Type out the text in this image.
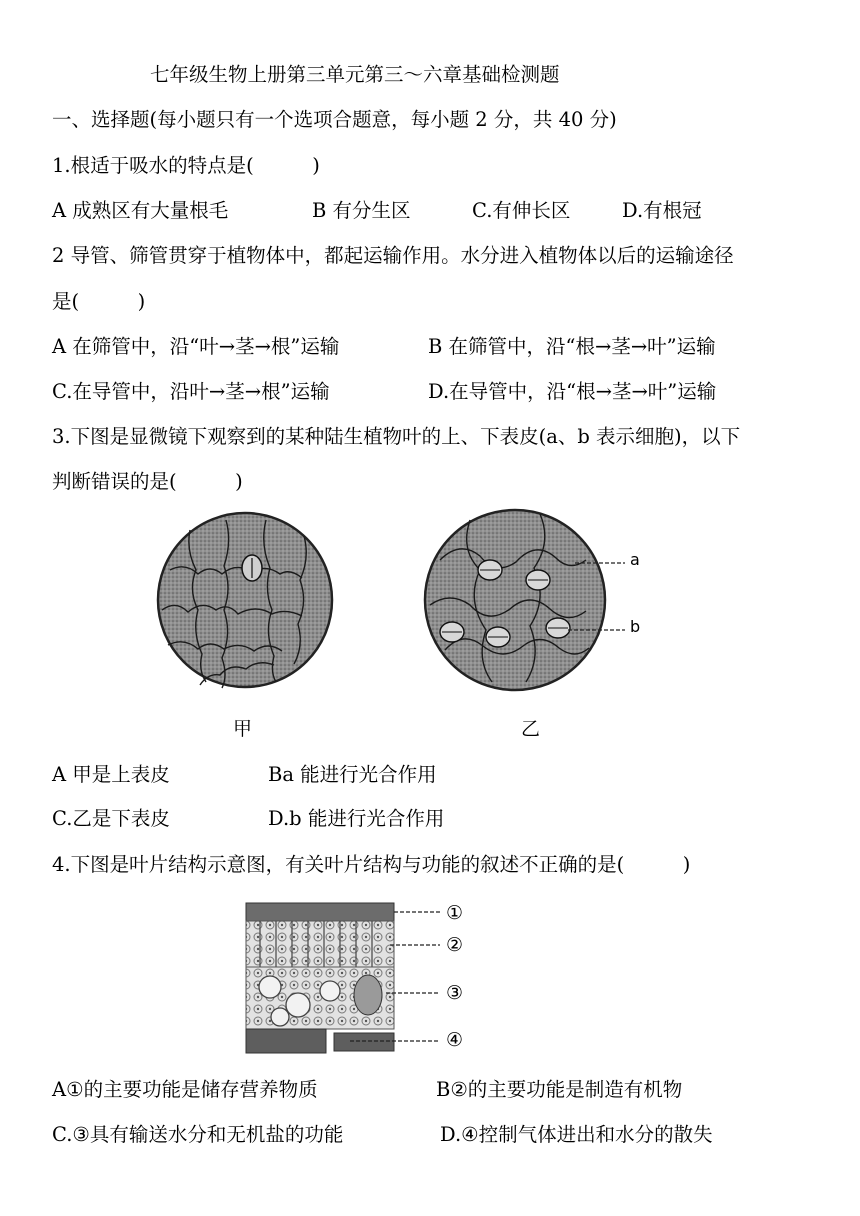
七年级生物上册第三单元第三～六章基础检测题
一、选择题(每小题只有一个选项合题意，每小题 2 分，共 40 分)
1.根适于吸水的特点是(　　　)
A 成熟区有大量根毛	B 有分生区	C.有伸长区	D.有根冠
2 导管、筛管贯穿于植物体中，都起运输作用。水分进入植物体以后的运输途径
是(　　　)
A 在筛管中，沿“叶→茎→根”运输	B 在筛管中，沿“根→茎→叶”运输
C.在导管中，沿叶→茎→根”运输	D.在导管中，沿“根→茎→叶”运输
3.下图是显微镜下观察到的某种陆生植物叶的上、下表皮(a、b 表示细胞)，以下
判断错误的是(　　　)
a
b
甲	乙
A 甲是上表皮	Ba 能进行光合作用
C.乙是下表皮	D.b 能进行光合作用
4.下图是叶片结构示意图，有关叶片结构与功能的叙述不正确的是(　　　)
①
②
③
④
A①的主要功能是储存营养物质	B②的主要功能是制造有机物
C.③具有输送水分和无机盐的功能	D.④控制气体进出和水分的散失
